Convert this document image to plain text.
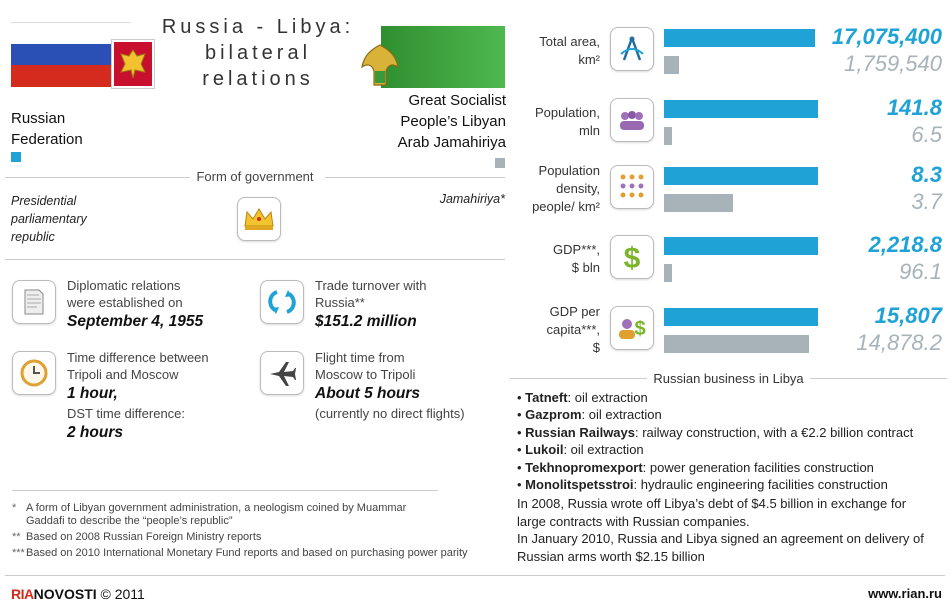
Russia - Libya:
bilateral
relations
Russian
Federation
Great Socialist
People’s Libyan
Arab Jamahiriya
Form of government
Presidential
parliamentary
republic
Jamahiriya*
Diplomatic relations
were established on
September 4, 1955
Trade turnover with
Russia**
$151.2 million
Time difference between
Tripoli and Moscow
1 hour,
DST time difference:
2 hours
Flight time from
Moscow to Tripoli
About 5 hours
(currently no direct flights)
* A form of Libyan government administration, a neologism coined by Muammar
Gaddafi to describe the “people’s republic”
** Based on 2008 Russian Foreign Ministry reports
***Based on 2010 International Monetary Fund reports and based on purchasing power parity
RIANOVOSTI © 2011	www.rian.ru
Total area,
km²
17,075,400
1,759,540
Population,
mln
141.8
6.5
Population
density,
people/ km²
8.3
3.7
GDP***,
$ bln $	2,218.8
96.1
GDP per
capita***,
$
$
15,807
14,878.2
Russian business in Libya
• Tatneft: oil extraction
• Gazprom: oil extraction
• Russian Railways: railway construction, with a €2.2 billion contract
• Lukoil: oil extraction
• Tekhnopromexport: power generation facilities construction
• Monolitspetsstroi: hydraulic engineering facilities construction
In 2008, Russia wrote off Libya’s debt of $4.5 billion in exchange for
large contracts with Russian companies.
In January 2010, Russia and Libya signed an agreement on delivery of
Russian arms worth $2.15 billion
